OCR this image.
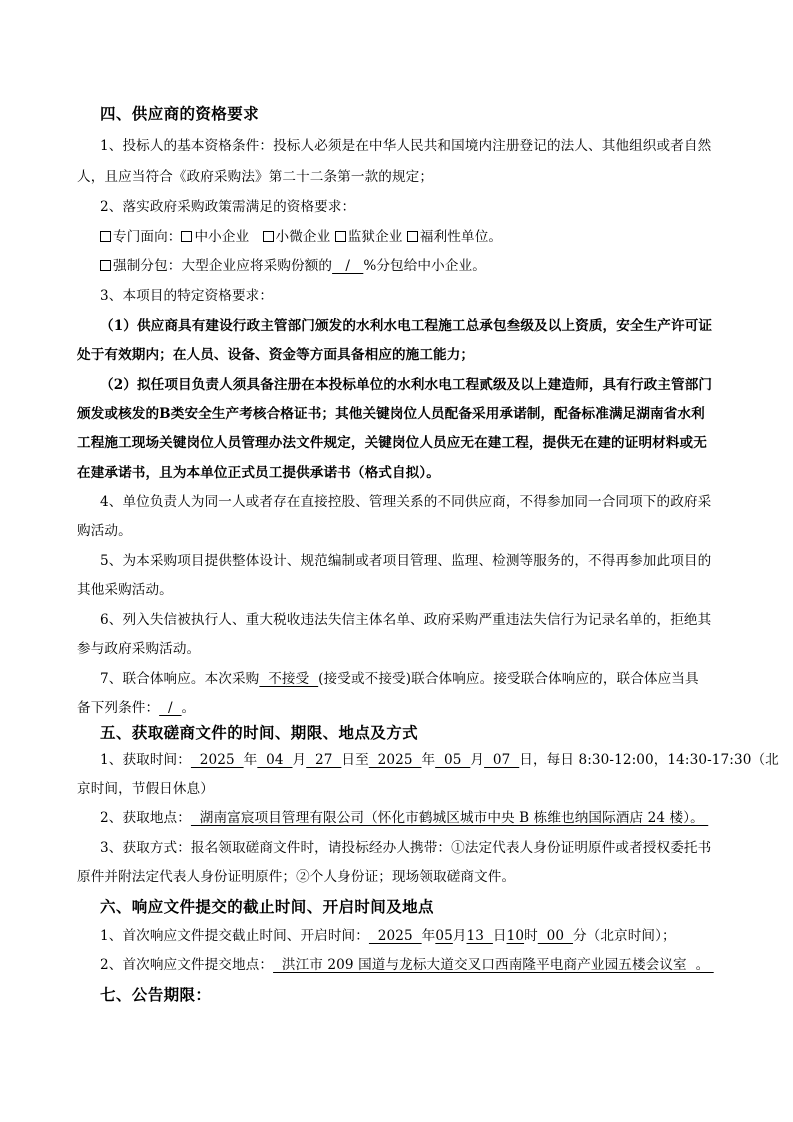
四、供应商的资格要求
1、投标人的基本资格条件：投标人必须是在中华人民共和国境内注册登记的法人、其他组织或者自然
人，且应当符合《政府采购法》第二十二条第一款的规定；
2、落实政府采购政策需满足的资格要求：
专门面向： 中小企业 小微企业 监狱企业 福利性单位。
强制分包：大型企业应将采购份额的   /   %分包给中小企业。
3、本项目的特定资格要求：
（1）供应商具有建设行政主管部门颁发的水利水电工程施工总承包叁级及以上资质，安全生产许可证
处于有效期内；在人员、设备、资金等方面具备相应的施工能力；
（2）拟任项目负责人须具备注册在本投标单位的水利水电工程贰级及以上建造师，具有行政主管部门
颁发或核发的B类安全生产考核合格证书；其他关键岗位人员配备采用承诺制，配备标准满足湖南省水利
工程施工现场关键岗位人员管理办法文件规定，关键岗位人员应无在建工程，提供无在建的证明材料或无
在建承诺书，且为本单位正式员工提供承诺书（格式自拟）。
4、单位负责人为同一人或者存在直接控股、管理关系的不同供应商，不得参加同一合同项下的政府采
购活动。
5、为本采购项目提供整体设计、规范编制或者项目管理、监理、检测等服务的，不得再参加此项目的
其他采购活动。
6、列入失信被执行人、重大税收违法失信主体名单、政府采购严重违法失信行为记录名单的，拒绝其
参与政府采购活动。
7、联合体响应。本次采购  不接受  (接受或不接受)联合体响应。接受联合体响应的，联合体应当具
备下列条件：  /  。
五、获取磋商文件的时间、期限、地点及方式
1、获取时间：  2025  年  04  月  27  日至  2025  年  05  月  07  日，每日 8:30-12:00，14:30-17:30（北
京时间，节假日休息）
2、获取地点：  湖南富宸项目管理有限公司（怀化市鹤城区城市中央 B 栋维也纳国际酒店 24 楼）。
3、获取方式：报名领取磋商文件时，请投标经办人携带：①法定代表人身份证明原件或者授权委托书
原件并附法定代表人身份证明原件；②个人身份证；现场领取磋商文件。
六、响应文件提交的截止时间、开启时间及地点
1、首次响应文件提交截止时间、开启时间：  2025  年05月13  日10时  00  分（北京时间）；
2、首次响应文件提交地点：  洪江市 209 国道与龙标大道交叉口西南隆平电商产业园五楼会议室  。
七、公告期限：
